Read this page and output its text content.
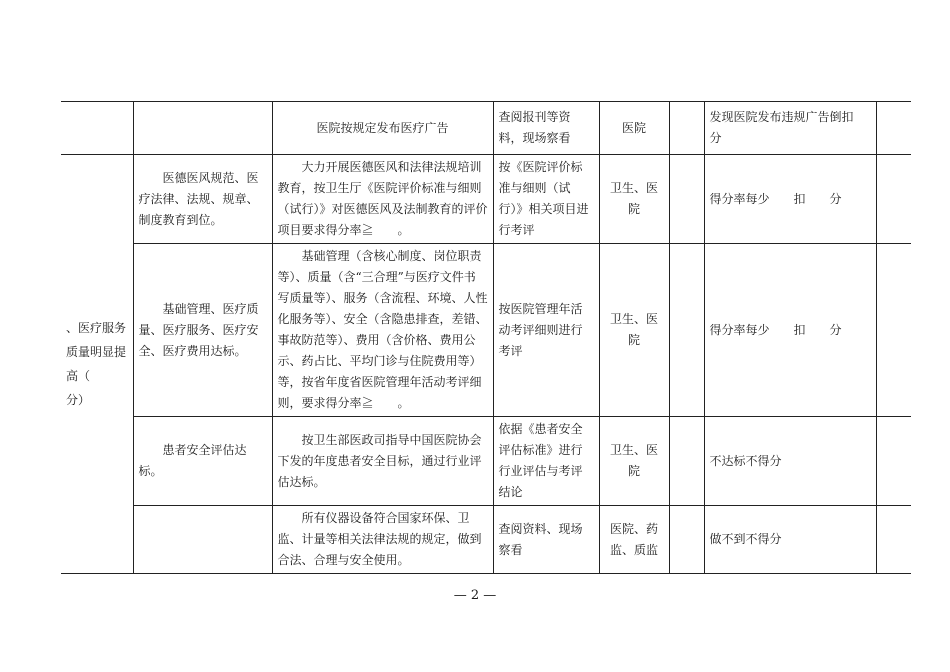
		医院按规定发布医疗广告	查阅报刊等资料，现场察看	医院		发现医院发布违规广告倒扣　　分	
、医疗服务质量明显提高（　　分）	医德医风规范、医疗法律、法规、规章、制度教育到位。	大力开展医德医风和法律法规培训教育，按卫生厅《医院评价标准与细则（试行）》对医德医风及法制教育的评价项目要求得分率≧　　。	按《医院评价标准与细则（试行）》相关项目进行考评	卫生、医院		得分率每少　　扣　　分	
	基础管理、医疗质量、医疗服务、医疗安全、医疗费用达标。	基础管理（含核心制度、岗位职责等）、质量（含“三合理”与医疗文件书写质量等）、服务（含流程、环境、人性化服务等）、安全（含隐患排查，差错、事故防范等）、费用（含价格、费用公示、药占比、平均门诊与住院费用等）等，按省年度省医院管理年活动考评细则，要求得分率≧　　。	按医院管理年活动考评细则进行考评	卫生、医院		得分率每少　　扣　　分	
	患者安全评估达标。	按卫生部医政司指导中国医院协会下发的年度患者安全目标，通过行业评估达标。	依据《患者安全评估标准》进行行业评估与考评结论	卫生、医院		不达标不得分	
		所有仪器设备符合国家环保、卫监、计量等相关法律法规的规定，做到合法、合理与安全使用。	查阅资料、现场察看	医院、药监、质监		做不到不得分	
— 2 —
